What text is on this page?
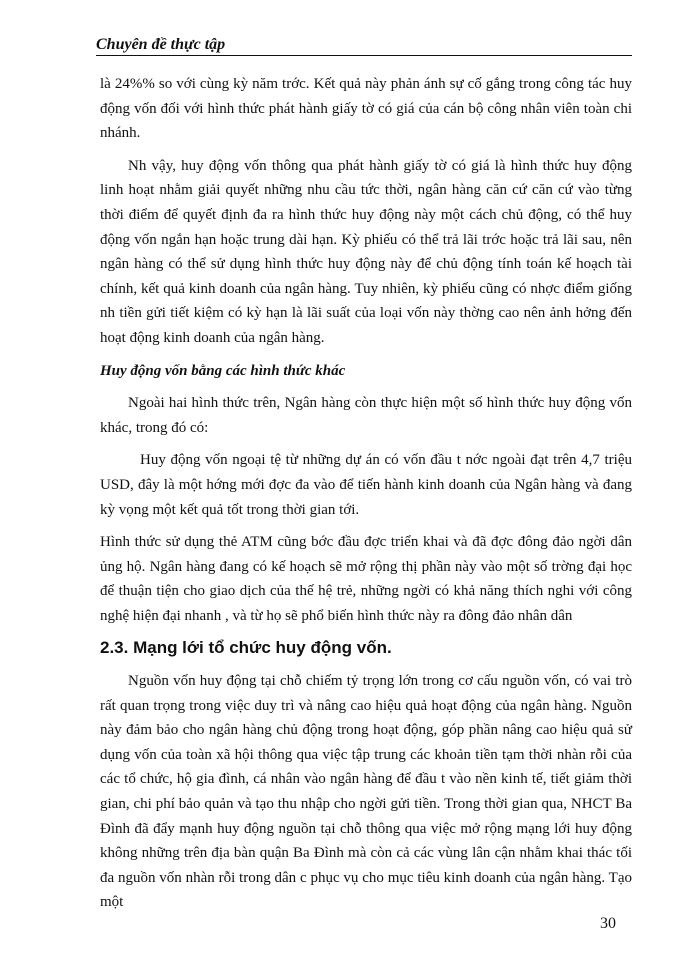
Chuyên đề thực tập

là 24%% so với cùng kỳ năm trớc. Kết quả này phản ánh sự cố gắng trong công tác huy động vốn đối với hình thức phát hành giấy tờ có giá của cán bộ công nhân viên toàn chi nhánh.

Nh vậy, huy động vốn thông qua phát hành giấy tờ có giá là hình thức huy động linh hoạt nhằm giải quyết những nhu cầu tức thời, ngân hàng căn cứ căn cứ vào từng thời điểm để quyết định đa ra hình thức huy động này một cách chủ động, có thể huy động vốn ngắn hạn hoặc trung dài hạn. Kỳ phiếu có thể trả lãi trớc hoặc trả lãi sau, nên ngân hàng có thể sử dụng hình thức huy động này để chủ động tính toán kế hoạch tài chính, kết quả kinh doanh của ngân hàng. Tuy nhiên, kỳ phiếu cũng có nhợc điểm giống nh tiền gửi tiết kiệm có kỳ hạn là lãi suất của loại vốn này thờng cao nên ảnh hởng đến hoạt động kinh doanh của ngân hàng.

Huy động vốn bằng các hình thức khác

Ngoài hai hình thức trên, Ngân hàng còn thực hiện một số hình thức huy động vốn khác, trong đó có:

Huy động vốn ngoại tệ từ những dự án có vốn đầu t nớc ngoài đạt trên 4,7 triệu USD, đây là một hớng mới đợc đa vào để tiến hành kinh doanh của Ngân hàng và đang kỳ vọng một kết quả tốt trong thời gian tới.

Hình thức sử dụng thẻ ATM cũng bớc đầu đợc triển khai và đã đợc đông đảo ngời dân ủng hộ. Ngân hàng đang có kế hoạch sẽ mở rộng thị phần này vào một số trờng đại học để thuận tiện cho giao dịch của thế hệ trẻ, những ngời có khả năng thích nghi với công nghệ hiện đại nhanh , và từ họ sẽ phổ biến hình thức này ra đông đảo nhân dân

2.3. Mạng lới tổ chức huy động vốn.

Nguồn vốn huy động tại chỗ chiếm tỷ trọng lớn trong cơ cấu nguồn vốn, có vai trò rất quan trọng trong việc duy trì và nâng cao hiệu quả hoạt động của ngân hàng. Nguồn này đảm bảo cho ngân hàng chủ động trong hoạt động, góp phần nâng cao hiệu quả sử dụng vốn của toàn xã hội thông qua việc tập trung các khoản tiền tạm thời nhàn rỗi của các tổ chức, hộ gia đình, cá nhân vào ngân hàng để đầu t vào nền kinh tế, tiết giảm thời gian, chi phí bảo quản và tạo thu nhập cho ngời gửi tiền. Trong thời gian qua, NHCT Ba Đình đã đẩy mạnh huy động nguồn tại chỗ thông qua việc mở rộng mạng lới huy động không những trên địa bàn quận Ba Đình mà còn cả các vùng lân cận nhằm khai thác tối đa nguồn vốn nhàn rỗi trong dân c phục vụ cho mục tiêu kinh doanh của ngân hàng. Tạo một

30
